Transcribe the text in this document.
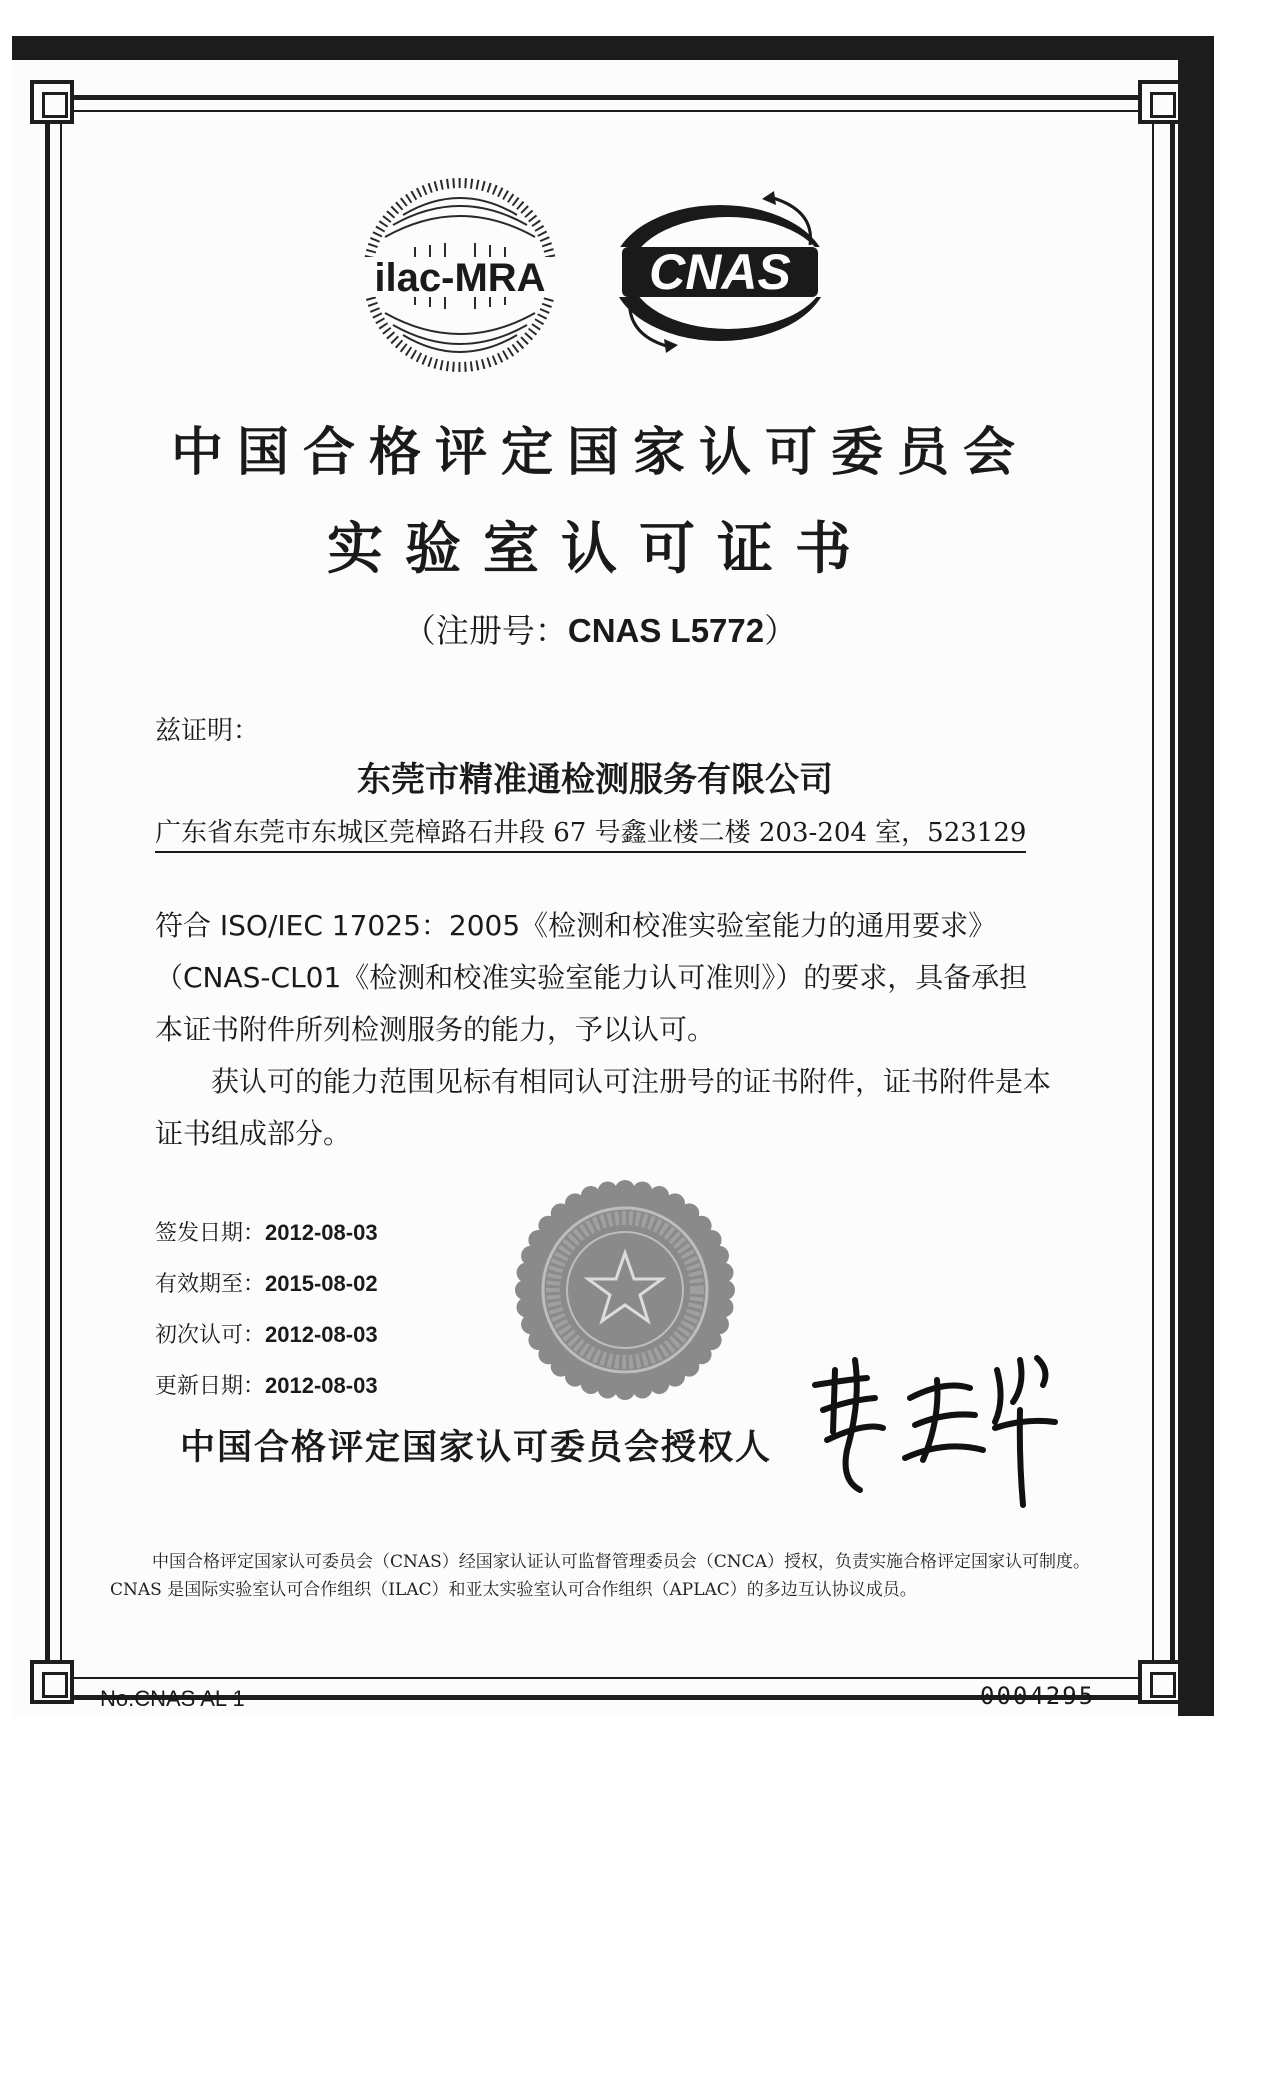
ilac-MRA CNAS
中国合格评定国家认可委员会
实验室认可证书
（注册号：CNAS L5772）
兹证明：
东莞市精准通检测服务有限公司
广东省东莞市东城区莞樟路石井段 67 号鑫业楼二楼 203-204 室，523129
符合 ISO/IEC 17025：2005《检测和校准实验室能力的通用要求》（CNAS-CL01《检测和校准实验室能力认可准则》）的要求，具备承担本证书附件所列检测服务的能力，予以认可。
获认可的能力范围见标有相同认可注册号的证书附件，证书附件是本证书组成部分。
签发日期：2012-08-03
有效期至：2015-08-02
初次认可：2012-08-03
更新日期：2012-08-03
中国合格评定国家认可委员会授权人
中国合格评定国家认可委员会（CNAS）经国家认证认可监督管理委员会（CNCA）授权，负责实施合格评定国家认可制度。CNAS 是国际实验室认可合作组织（ILAC）和亚太实验室认可合作组织（APLAC）的多边互认协议成员。
No.CNAS AL 1	0004295
